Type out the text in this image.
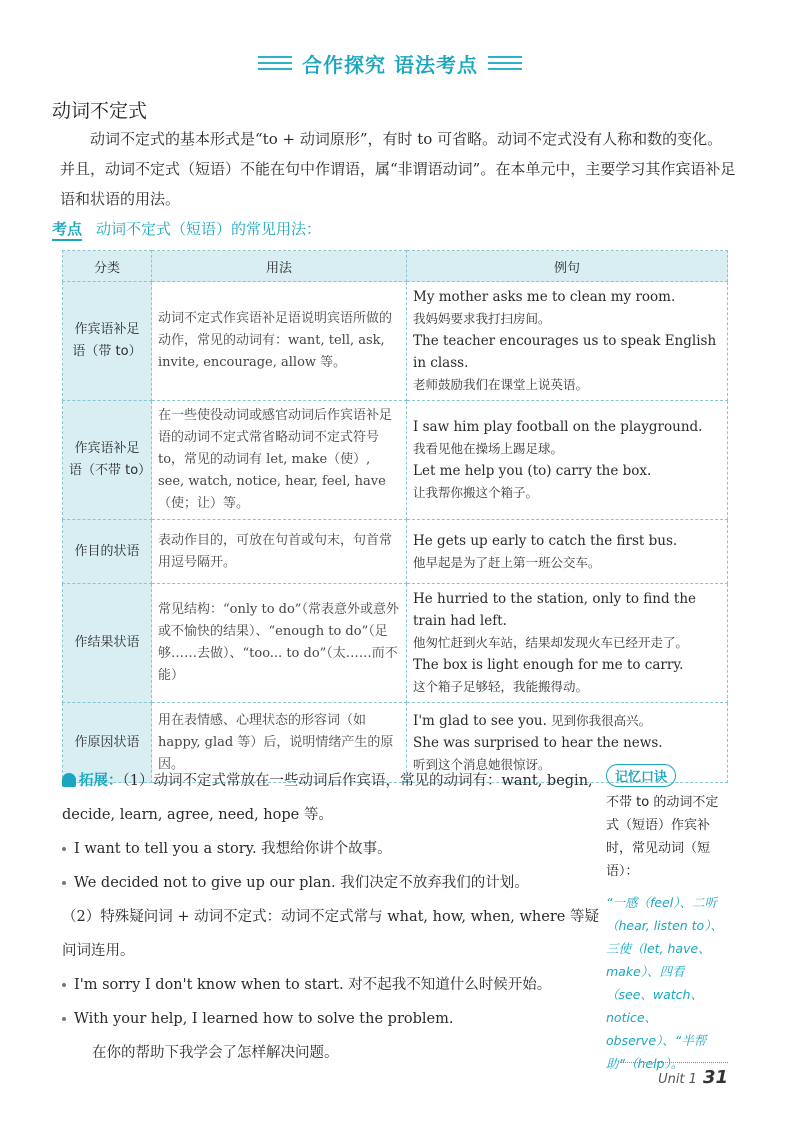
合作探究 语法考点
动词不定式
动词不定式的基本形式是“to + 动词原形”，有时 to 可省略。动词不定式没有人称和数的变化。并且，动词不定式（短语）不能在句中作谓语，属“非谓语动词”。在本单元中，主要学习其作宾语补足语和状语的用法。
考点 动词不定式（短语）的常见用法：
分类	用法	例句
作宾语补足语（带 to）	动词不定式作宾语补足语说明宾语所做的动作，常见的动词有：want, tell, ask, invite, encourage, allow 等。	My mother asks me to clean my room.
我妈妈要求我打扫房间。
The teacher encourages us to speak English in class.
老师鼓励我们在课堂上说英语。

作宾语补足语（不带 to）	在一些使役动词或感官动词后作宾语补足语的动词不定式常省略动词不定式符号 to，常见的动词有 let, make（使）, see, watch, notice, hear, feel, have（使；让）等。	I saw him play football on the playground.
我看见他在操场上踢足球。
Let me help you (to) carry the box.
让我帮你搬这个箱子。

作目的状语	表动作目的，可放在句首或句末，句首常用逗号隔开。	He gets up early to catch the first bus.
他早起是为了赶上第一班公交车。

作结果状语	常见结构：“only to do”（常表意外或意外或不愉快的结果）、“enough to do”（足够……去做）、“too... to do”（太……而不能）	He hurried to the station, only to find the train had left.
他匆忙赶到火车站，结果却发现火车已经开走了。
The box is light enough for me to carry.
这个箱子足够轻，我能搬得动。

作原因状语	用在表情感、心理状态的形容词（如 happy, glad 等）后，说明情绪产生的原因。	I'm glad to see you. 见到你我很高兴。
She was surprised to hear the news.
听到这个消息她很惊讶。
拓展：（1）动词不定式常放在一些动词后作宾语，常见的动词有：want, begin, decide, learn, agree, need, hope 等。
I want to tell you a story. 我想给你讲个故事。
We decided not to give up our plan. 我们决定不放弃我们的计划。
（2）特殊疑问词 + 动词不定式：动词不定式常与 what, how, when, where 等疑问词连用。
I'm sorry I don't know when to start. 对不起我不知道什么时候开始。
With your help, I learned how to solve the problem.
在你的帮助下我学会了怎样解决问题。
记忆口诀
不带 to 的动词不定式（短语）作宾补时，常见动词（短语）：
“一感（feel）、二听（hear, listen to）、三使（let, have、make）、四看（see、watch、notice、observe）、“半帮助”（help）。
Unit 1 31
